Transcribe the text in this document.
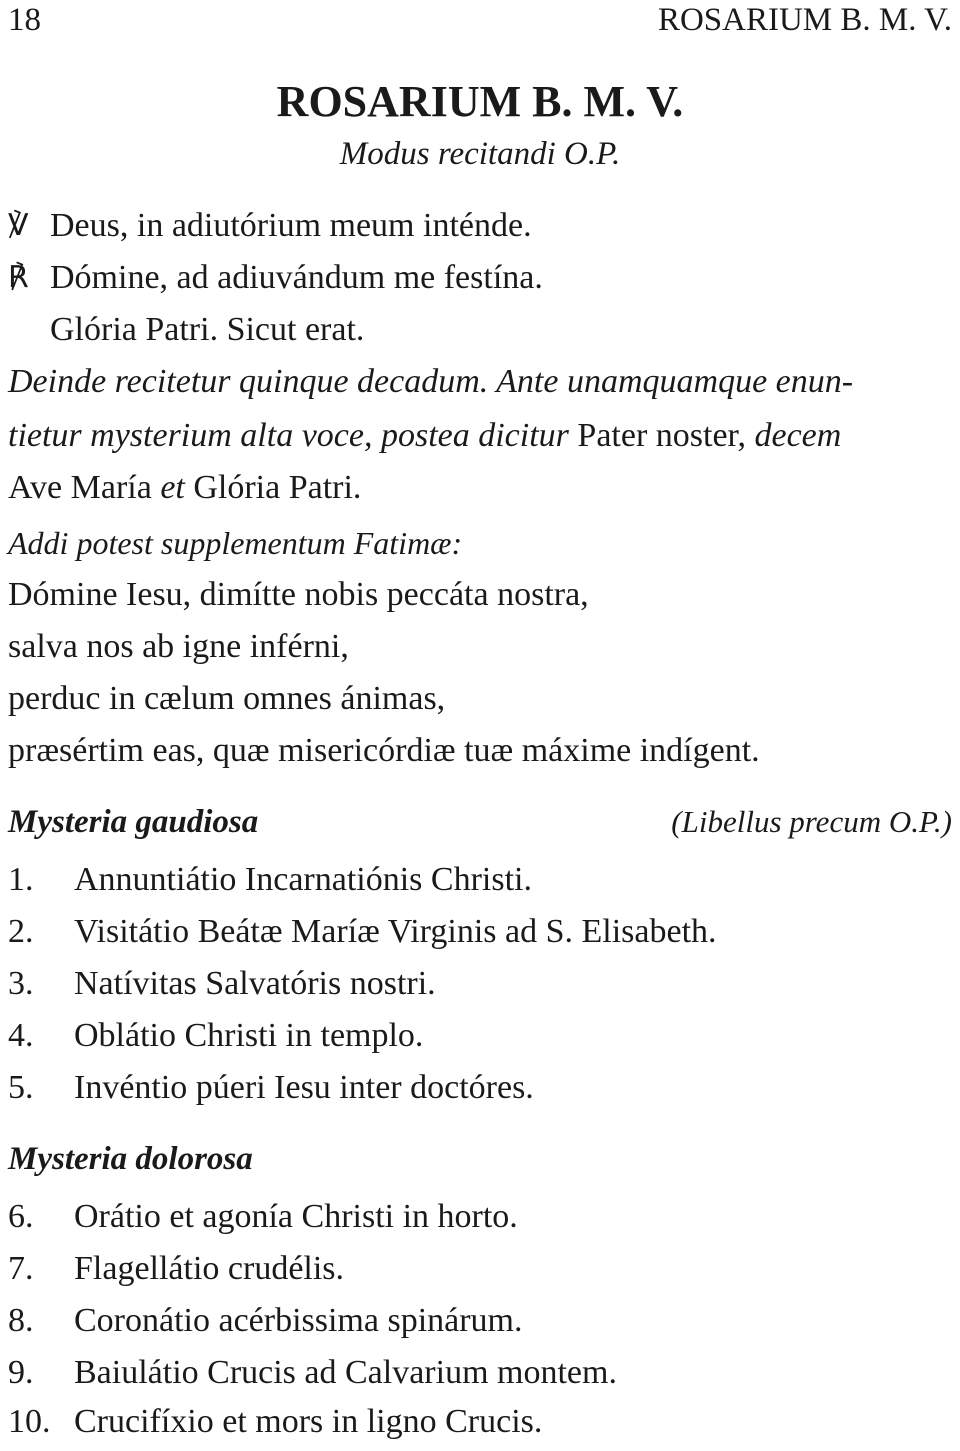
18	ROSARIUM B. M. V.
ROSARIUM B. M. V.
Modus recitandi O.P.
℣ Deus, in adiutórium meum inténde.
℟ Dómine, ad adiuvándum me festína.
Glória Patri. Sicut erat.
Deinde recitetur quinque decadum. Ante unamquamque enun-
tietur mysterium alta voce, postea dicitur Pater noster, decem
Ave María et Glória Patri.
Addi potest supplementum Fatimæ:
Dómine Iesu, dimítte nobis peccáta nostra,
salva nos ab igne inférni,
perduc in cælum omnes ánimas,
præsértim eas, quæ misericórdiæ tuæ máxime indígent.
Mysteria gaudiosa	(Libellus precum O.P.)
1. Annuntiátio Incarnatiónis Christi.
2. Visitátio Beátæ Maríæ Virginis ad S. Elisabeth.
3. Natívitas Salvatóris nostri.
4. Oblátio Christi in templo.
5. Invéntio púeri Iesu inter doctóres.
Mysteria dolorosa
6. Orátio et agonía Christi in horto.
7. Flagellátio crudélis.
8. Coronátio acérbissima spinárum.
9. Baiulátio Crucis ad Calvarium montem.
10. Crucifíxio et mors in ligno Crucis.
